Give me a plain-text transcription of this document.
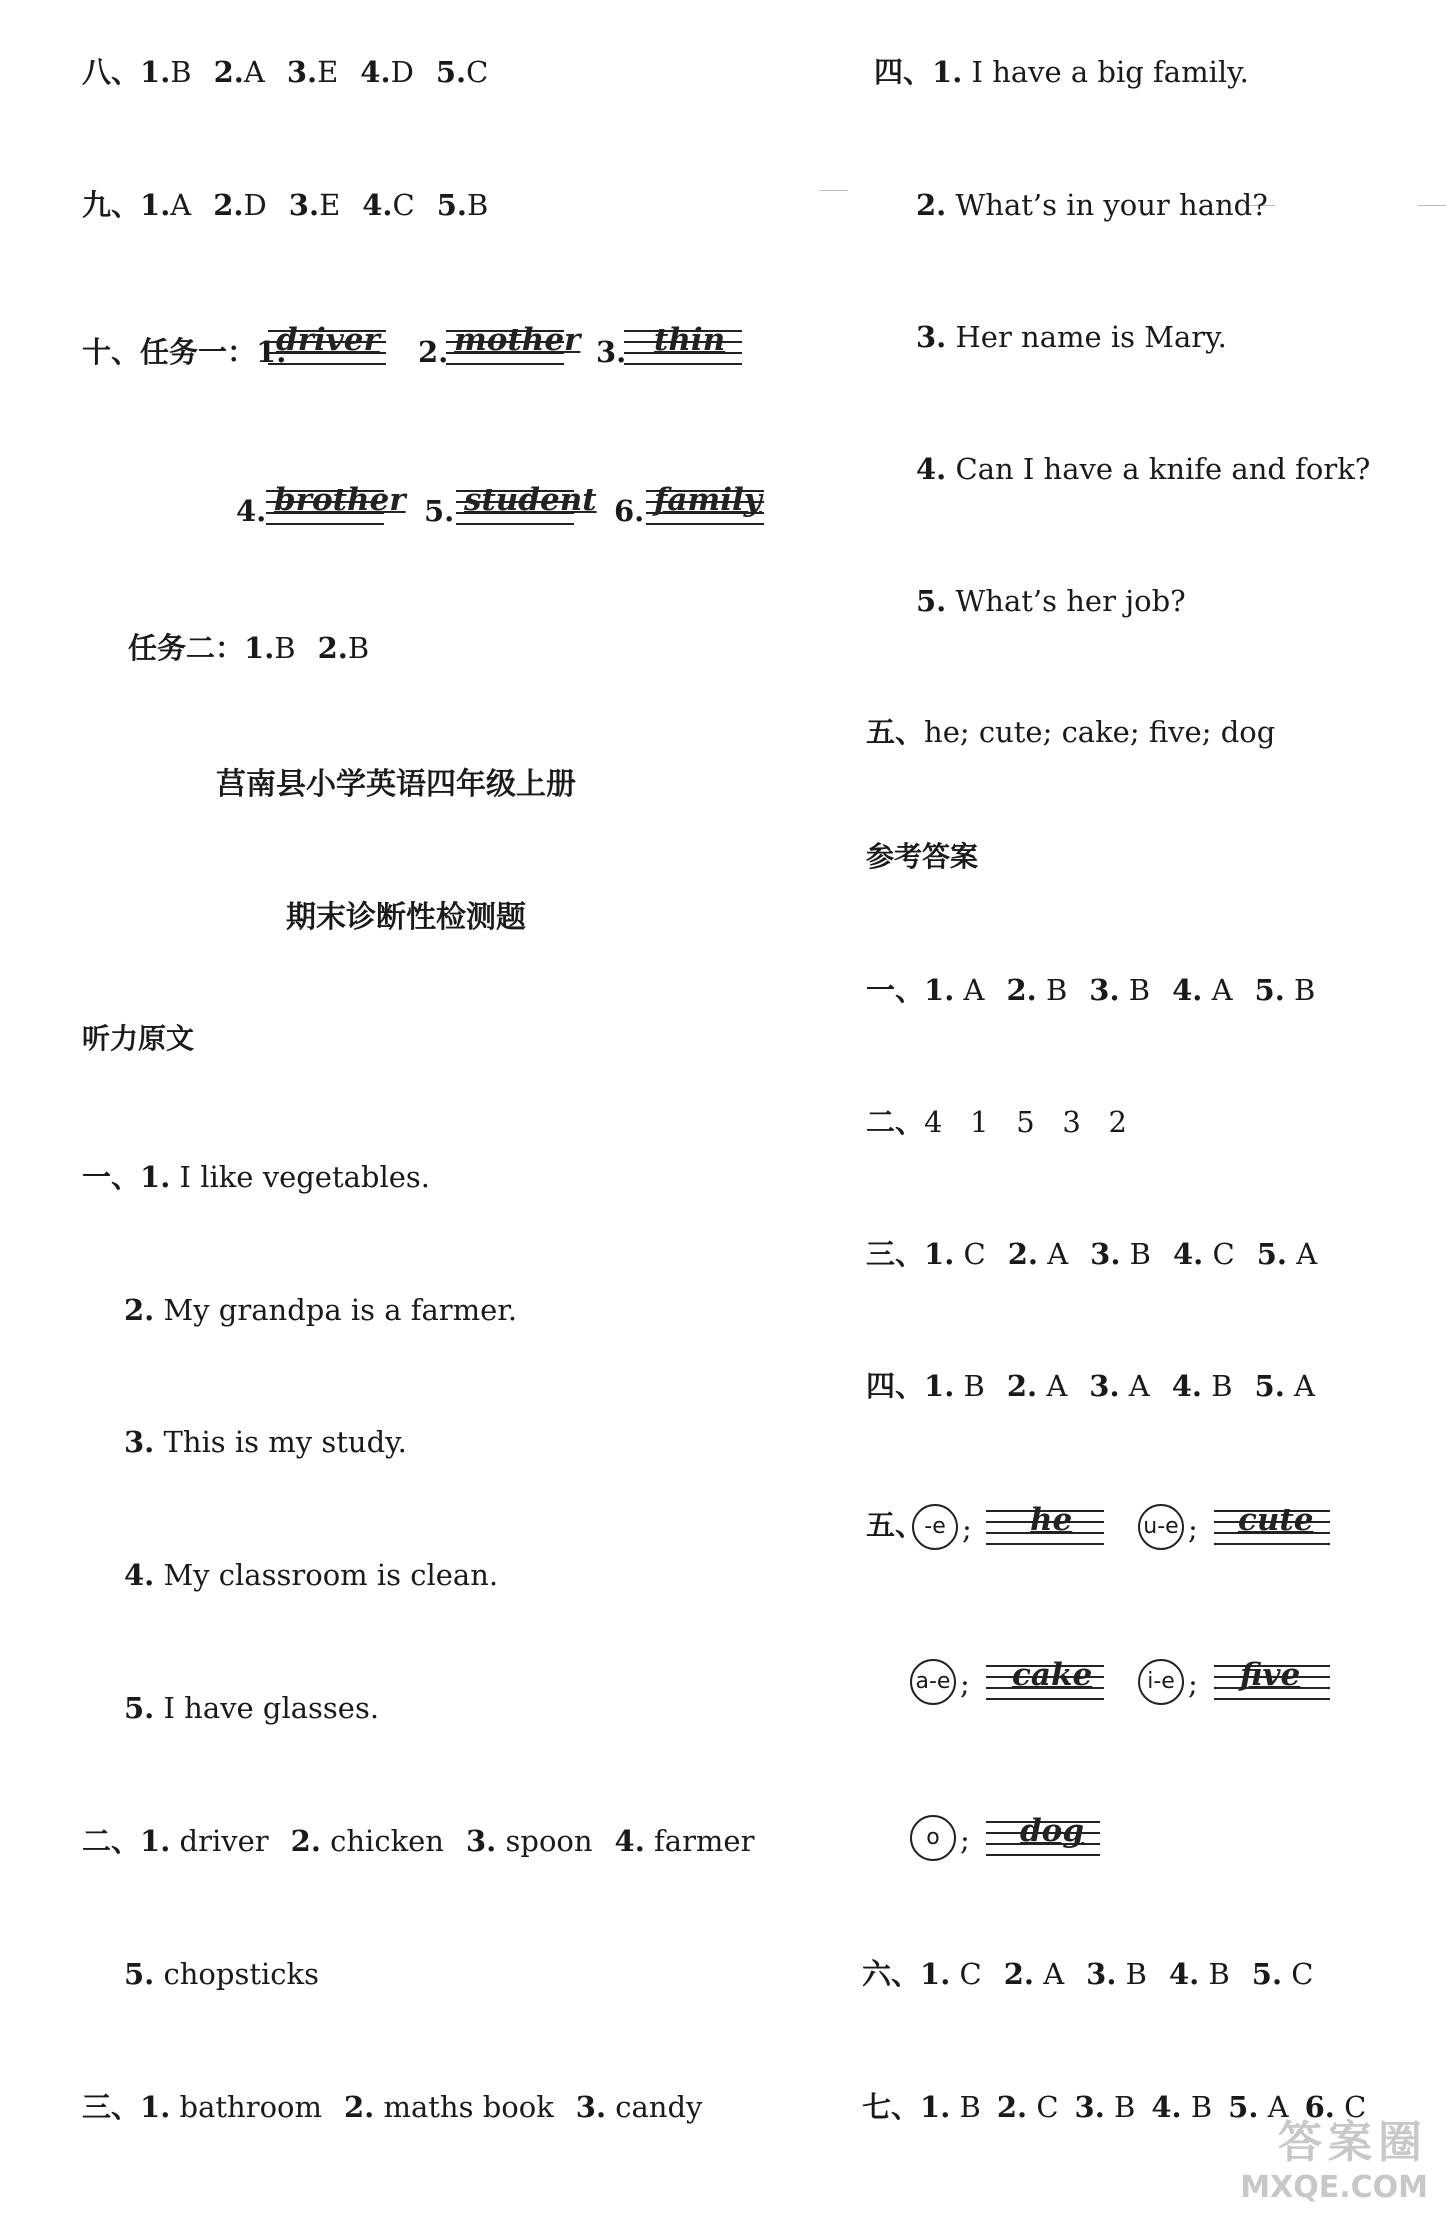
八、1.B 2.A 3.E 4.D 5.C
九、1.A 2.D 3.E 4.C 5.B
十、任务一：1.
driver 2. mother 3. thin
4. brother 5. student 6. family
任务二：1.B 2.B
莒南县小学英语四年级上册
期末诊断性检测题
听力原文
一、1. I like vegetables.
2. My grandpa is a farmer.
3. This is my study.
4. My classroom is clean.
5. I have glasses.
二、1. driver 2. chicken 3. spoon 4. farmer
5. chopsticks
三、1. bathroom 2. maths book 3. candy
四、1. I have a big family.
2. What’s in your hand?
3. Her name is Mary.
4. Can I have a knife and fork?
5. What’s her job?
五、he; cute; cake; five; dog
参考答案
一、1. A 2. B 3. B 4. A 5. B
二、4   1   5   3   2
三、1. C 2. A 3. B 4. C 5. A
四、1. B 2. A 3. A 4. B 5. A
五、 -e ; he	u-e ; cute
a-e ; cake	i-e ; five
o ; dog
六、1. C 2. A 3. B 4. B 5. C
七、1. B 2. C 3. B 4. B 5. A 6. C
答案圈
MXQE.COM
